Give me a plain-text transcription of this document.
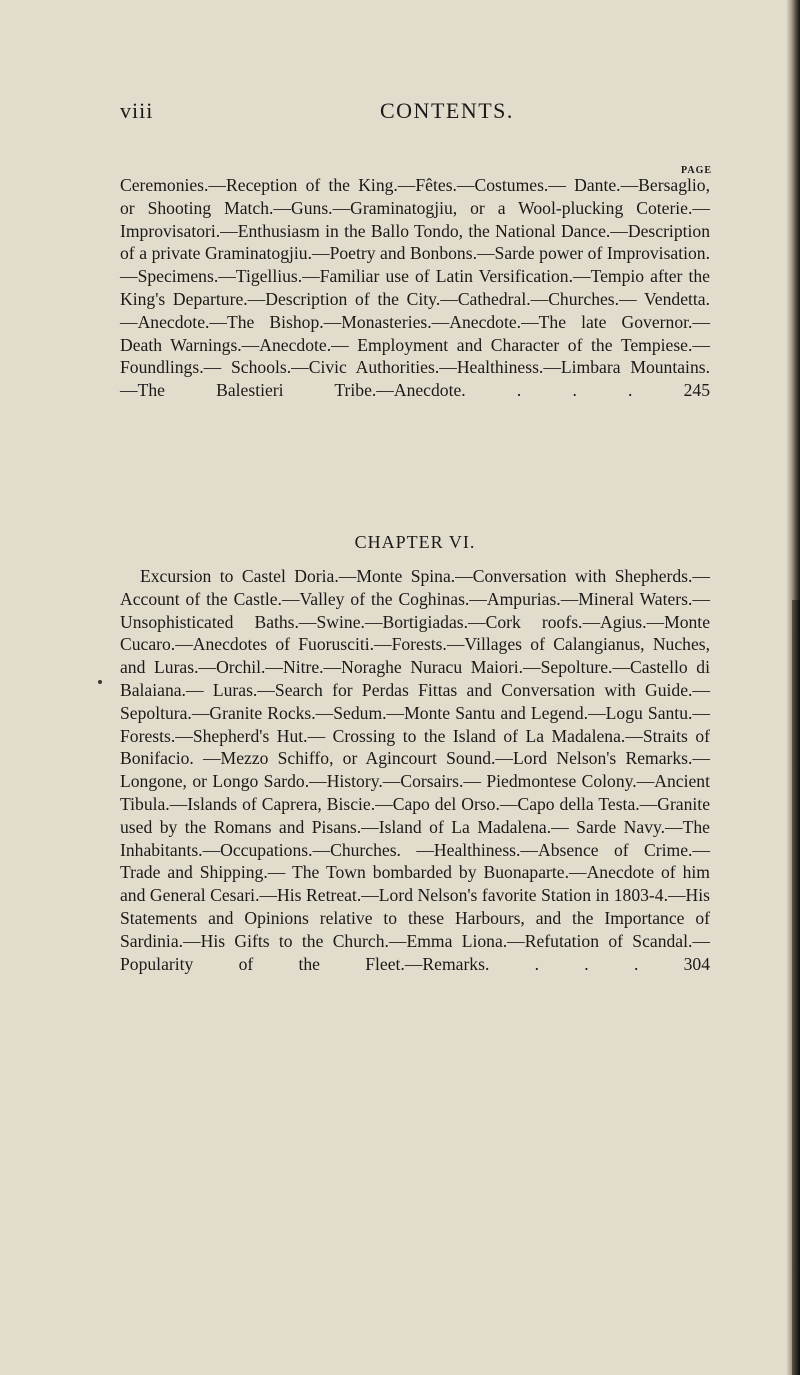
viii	CONTENTS.
PAGE
Ceremonies.—Reception of the King.—Fêtes.—Costumes.— Dante.—Bersaglio, or Shooting Match.—Guns.—Graminatogjiu, or a Wool-plucking Coterie.—Improvisatori.—Enthusiasm in the Ballo Tondo, the National Dance.—Description of a private Graminatogjiu.—Poetry and Bonbons.—Sarde power of Improvisation.—Specimens.—Tigellius.—Familiar use of Latin Versification.—Tempio after the King's Departure.—Description of the City.—Cathedral.—Churches.— Vendetta.—Anecdote.—The Bishop.—Monasteries.—Anecdote.—The late Governor.—Death Warnings.—Anecdote.— Employment and Character of the Tempiese.—Foundlings.— Schools.—Civic Authorities.—Healthiness.—Limbara Mountains.—The Balestieri Tribe.—Anecdote.	. . .	245
CHAPTER VI.
Excursion to Castel Doria.—Monte Spina.—Conversation with Shepherds.—Account of the Castle.—Valley of the Coghinas.—Ampurias.—Mineral Waters.—Unsophisticated Baths.—Swine.—Bortigiadas.—Cork roofs.—Agius.—Monte Cucaro.—Anecdotes of Fuorusciti.—Forests.—Villages of Calangianus, Nuches, and Luras.—Orchil.—Nitre.—Noraghe Nuracu Maiori.—Sepolture.—Castello di Balaiana.— Luras.—Search for Perdas Fittas and Conversation with Guide.—Sepoltura.—Granite Rocks.—Sedum.—Monte Santu and Legend.—Logu Santu.—Forests.—Shepherd's Hut.— Crossing to the Island of La Madalena.—Straits of Bonifacio. —Mezzo Schiffo, or Agincourt Sound.—Lord Nelson's Remarks.—Longone, or Longo Sardo.—History.—Corsairs.— Piedmontese Colony.—Ancient Tibula.—Islands of Caprera, Biscie.—Capo del Orso.—Capo della Testa.—Granite used by the Romans and Pisans.—Island of La Madalena.— Sarde Navy.—The Inhabitants.—Occupations.—Churches. —Healthiness.—Absence of Crime.—Trade and Shipping.— The Town bombarded by Buonaparte.—Anecdote of him and General Cesari.—His Retreat.—Lord Nelson's favorite Station in 1803-4.—His Statements and Opinions relative to these Harbours, and the Importance of Sardinia.—His Gifts to the Church.—Emma Liona.—Refutation of Scandal.— Popularity of the Fleet.—Remarks.	. . .	304
